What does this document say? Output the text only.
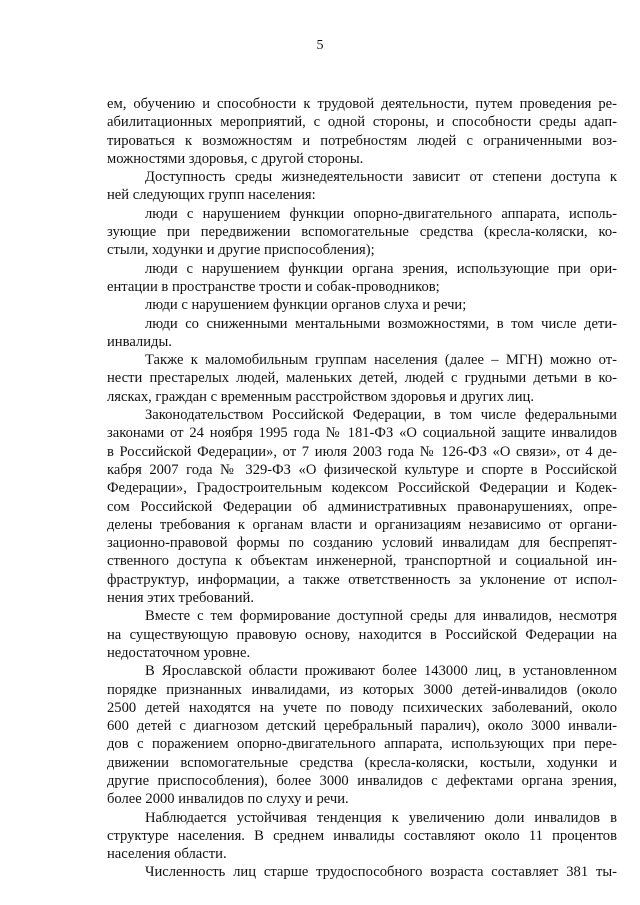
5
ем, обучению и способности к трудовой деятельности, путем проведения ре-
абилитационных мероприятий, с одной стороны, и способности среды адап-
тироваться к возможностям и потребностям людей с ограниченными воз-
можностями здоровья, с другой стороны.
Доступность среды жизнедеятельности зависит от степени доступа к
ней следующих групп населения:
люди с нарушением функции опорно-двигательного аппарата, исполь-
зующие при передвижении вспомогательные средства (кресла-коляски, ко-
стыли, ходунки и другие приспособления);
люди с нарушением функции органа зрения, использующие при ори-
ентации в пространстве трости и собак-проводников;
люди с нарушением функции органов слуха и речи;
люди со сниженными ментальными возможностями, в том числе дети-
инвалиды.
Также к маломобильным группам населения (далее – МГН) можно от-
нести престарелых людей, маленьких детей, людей с грудными детьми в ко-
лясках, граждан с временным расстройством здоровья и других лиц.
Законодательством Российской Федерации, в том числе федеральными
законами от 24 ноября 1995 года № 181-ФЗ «О социальной защите инвалидов
в Российской Федерации», от 7 июля 2003 года № 126-ФЗ «О связи», от 4 де-
кабря 2007 года № 329-ФЗ «О физической культуре и спорте в Российской
Федерации», Градостроительным кодексом Российской Федерации и Кодек-
сом Российской Федерации об административных правонарушениях, опре-
делены требования к органам власти и организациям независимо от органи-
зационно-правовой формы по созданию условий инвалидам для беспрепят-
ственного доступа к объектам инженерной, транспортной и социальной ин-
фраструктур, информации, а также ответственность за уклонение от испол-
нения этих требований.
Вместе с тем формирование доступной среды для инвалидов, несмотря
на существующую правовую основу, находится в Российской Федерации на
недостаточном уровне.
В Ярославской области проживают более 143000 лиц, в установленном
порядке признанных инвалидами, из которых 3000 детей-инвалидов (около
2500 детей находятся на учете по поводу психических заболеваний, около
600 детей с диагнозом детский церебральный паралич), около 3000 инвали-
дов с поражением опорно-двигательного аппарата, использующих при пере-
движении вспомогательные средства (кресла-коляски, костыли, ходунки и
другие приспособления), более 3000 инвалидов с дефектами органа зрения,
более 2000 инвалидов по слуху и речи.
Наблюдается устойчивая тенденция к увеличению доли инвалидов в
структуре населения. В среднем инвалиды составляют около 11 процентов
населения области.
Численность лиц старше трудоспособного возраста составляет 381 ты-
